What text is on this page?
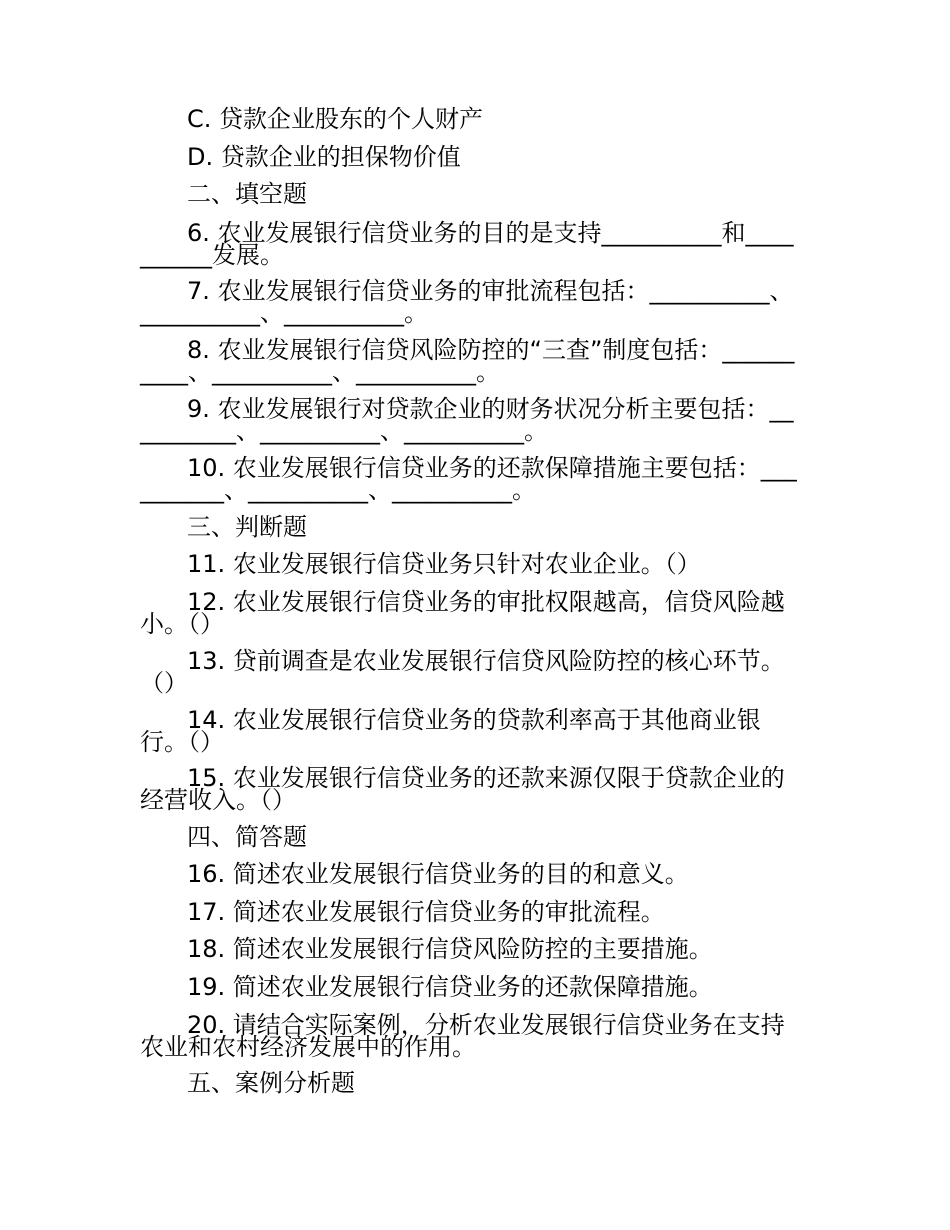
C. 贷款企业股东的个人财产
D. 贷款企业的担保物价值
二、填空题
6. 农业发展银行信贷业务的目的是支持__________和__________发展。
7. 农业发展银行信贷业务的审批流程包括：__________、__________、__________。
8. 农业发展银行信贷风险防控的“三查”制度包括：__________、__________、__________。
9. 农业发展银行对贷款企业的财务状况分析主要包括：__________、__________、__________。
10. 农业发展银行信贷业务的还款保障措施主要包括：__________、__________、__________。
三、判断题
11. 农业发展银行信贷业务只针对农业企业。（）
12. 农业发展银行信贷业务的审批权限越高，信贷风险越小。（）
13. 贷前调查是农业发展银行信贷风险防控的核心环节。（）
14. 农业发展银行信贷业务的贷款利率高于其他商业银行。（）
15. 农业发展银行信贷业务的还款来源仅限于贷款企业的经营收入。（）
四、简答题
16. 简述农业发展银行信贷业务的目的和意义。
17. 简述农业发展银行信贷业务的审批流程。
18. 简述农业发展银行信贷风险防控的主要措施。
19. 简述农业发展银行信贷业务的还款保障措施。
20. 请结合实际案例，分析农业发展银行信贷业务在支持农业和农村经济发展中的作用。
五、案例分析题
